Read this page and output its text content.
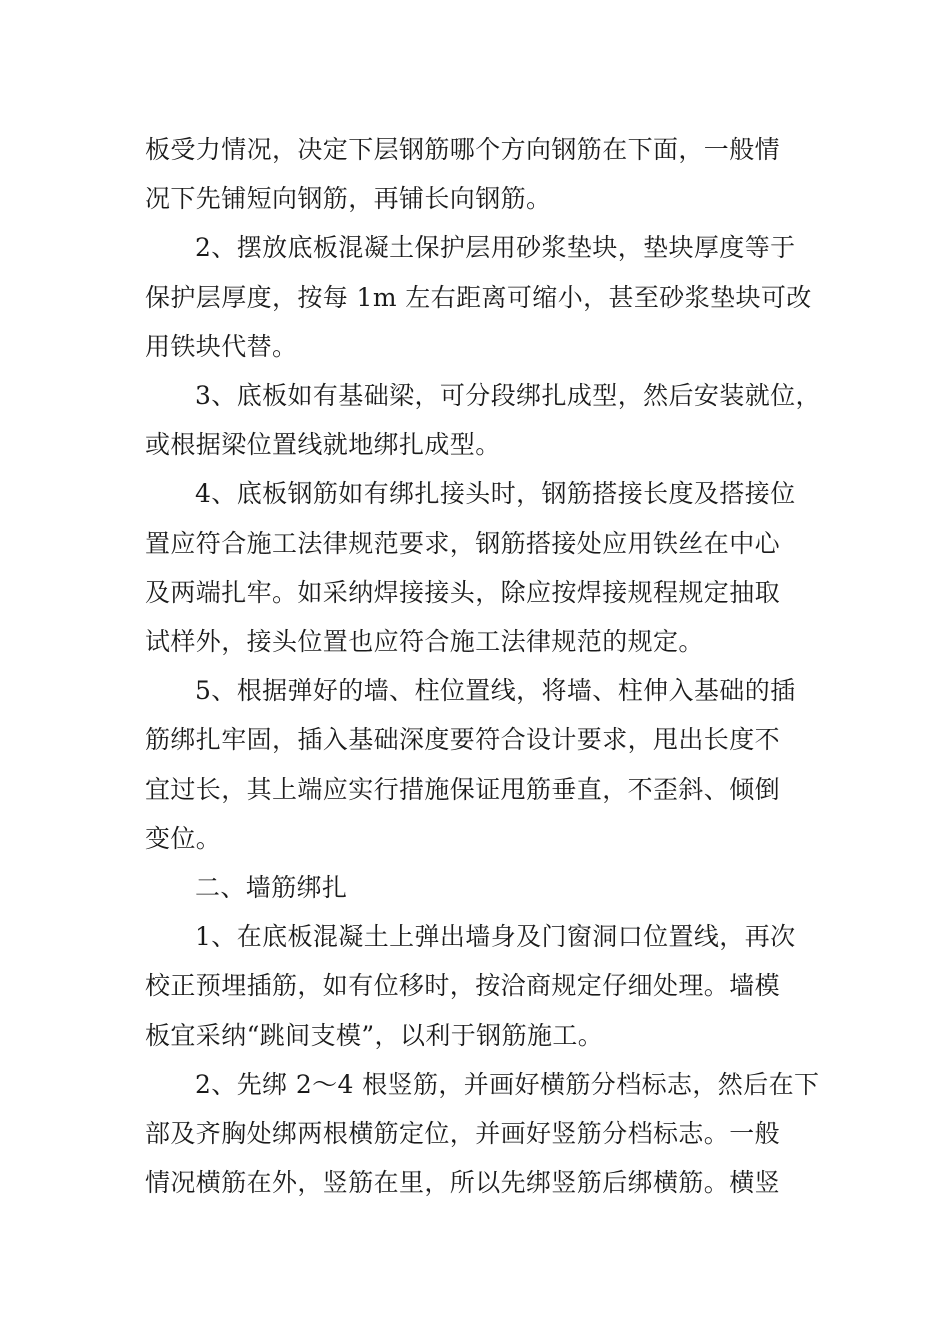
板受力情况，决定下层钢筋哪个方向钢筋在下面，一般情
况下先铺短向钢筋，再铺长向钢筋。
2、摆放底板混凝土保护层用砂浆垫块，垫块厚度等于
保护层厚度，按每 1m 左右距离可缩小，甚至砂浆垫块可改
用铁块代替。
3、底板如有基础梁，可分段绑扎成型，然后安装就位，
或根据梁位置线就地绑扎成型。
4、底板钢筋如有绑扎接头时，钢筋搭接长度及搭接位
置应符合施工法律规范要求，钢筋搭接处应用铁丝在中心
及两端扎牢。如采纳焊接接头，除应按焊接规程规定抽取
试样外，接头位置也应符合施工法律规范的规定。
5、根据弹好的墙、柱位置线，将墙、柱伸入基础的插
筋绑扎牢固，插入基础深度要符合设计要求，甩出长度不
宜过长，其上端应实行措施保证甩筋垂直，不歪斜、倾倒
变位。
二、墙筋绑扎
1、在底板混凝土上弹出墙身及门窗洞口位置线，再次
校正预埋插筋，如有位移时，按洽商规定仔细处理。墙模
板宜采纳“跳间支模”，以利于钢筋施工。
2、先绑 2～4 根竖筋，并画好横筋分档标志，然后在下
部及齐胸处绑两根横筋定位，并画好竖筋分档标志。一般
情况横筋在外，竖筋在里，所以先绑竖筋后绑横筋。横竖
